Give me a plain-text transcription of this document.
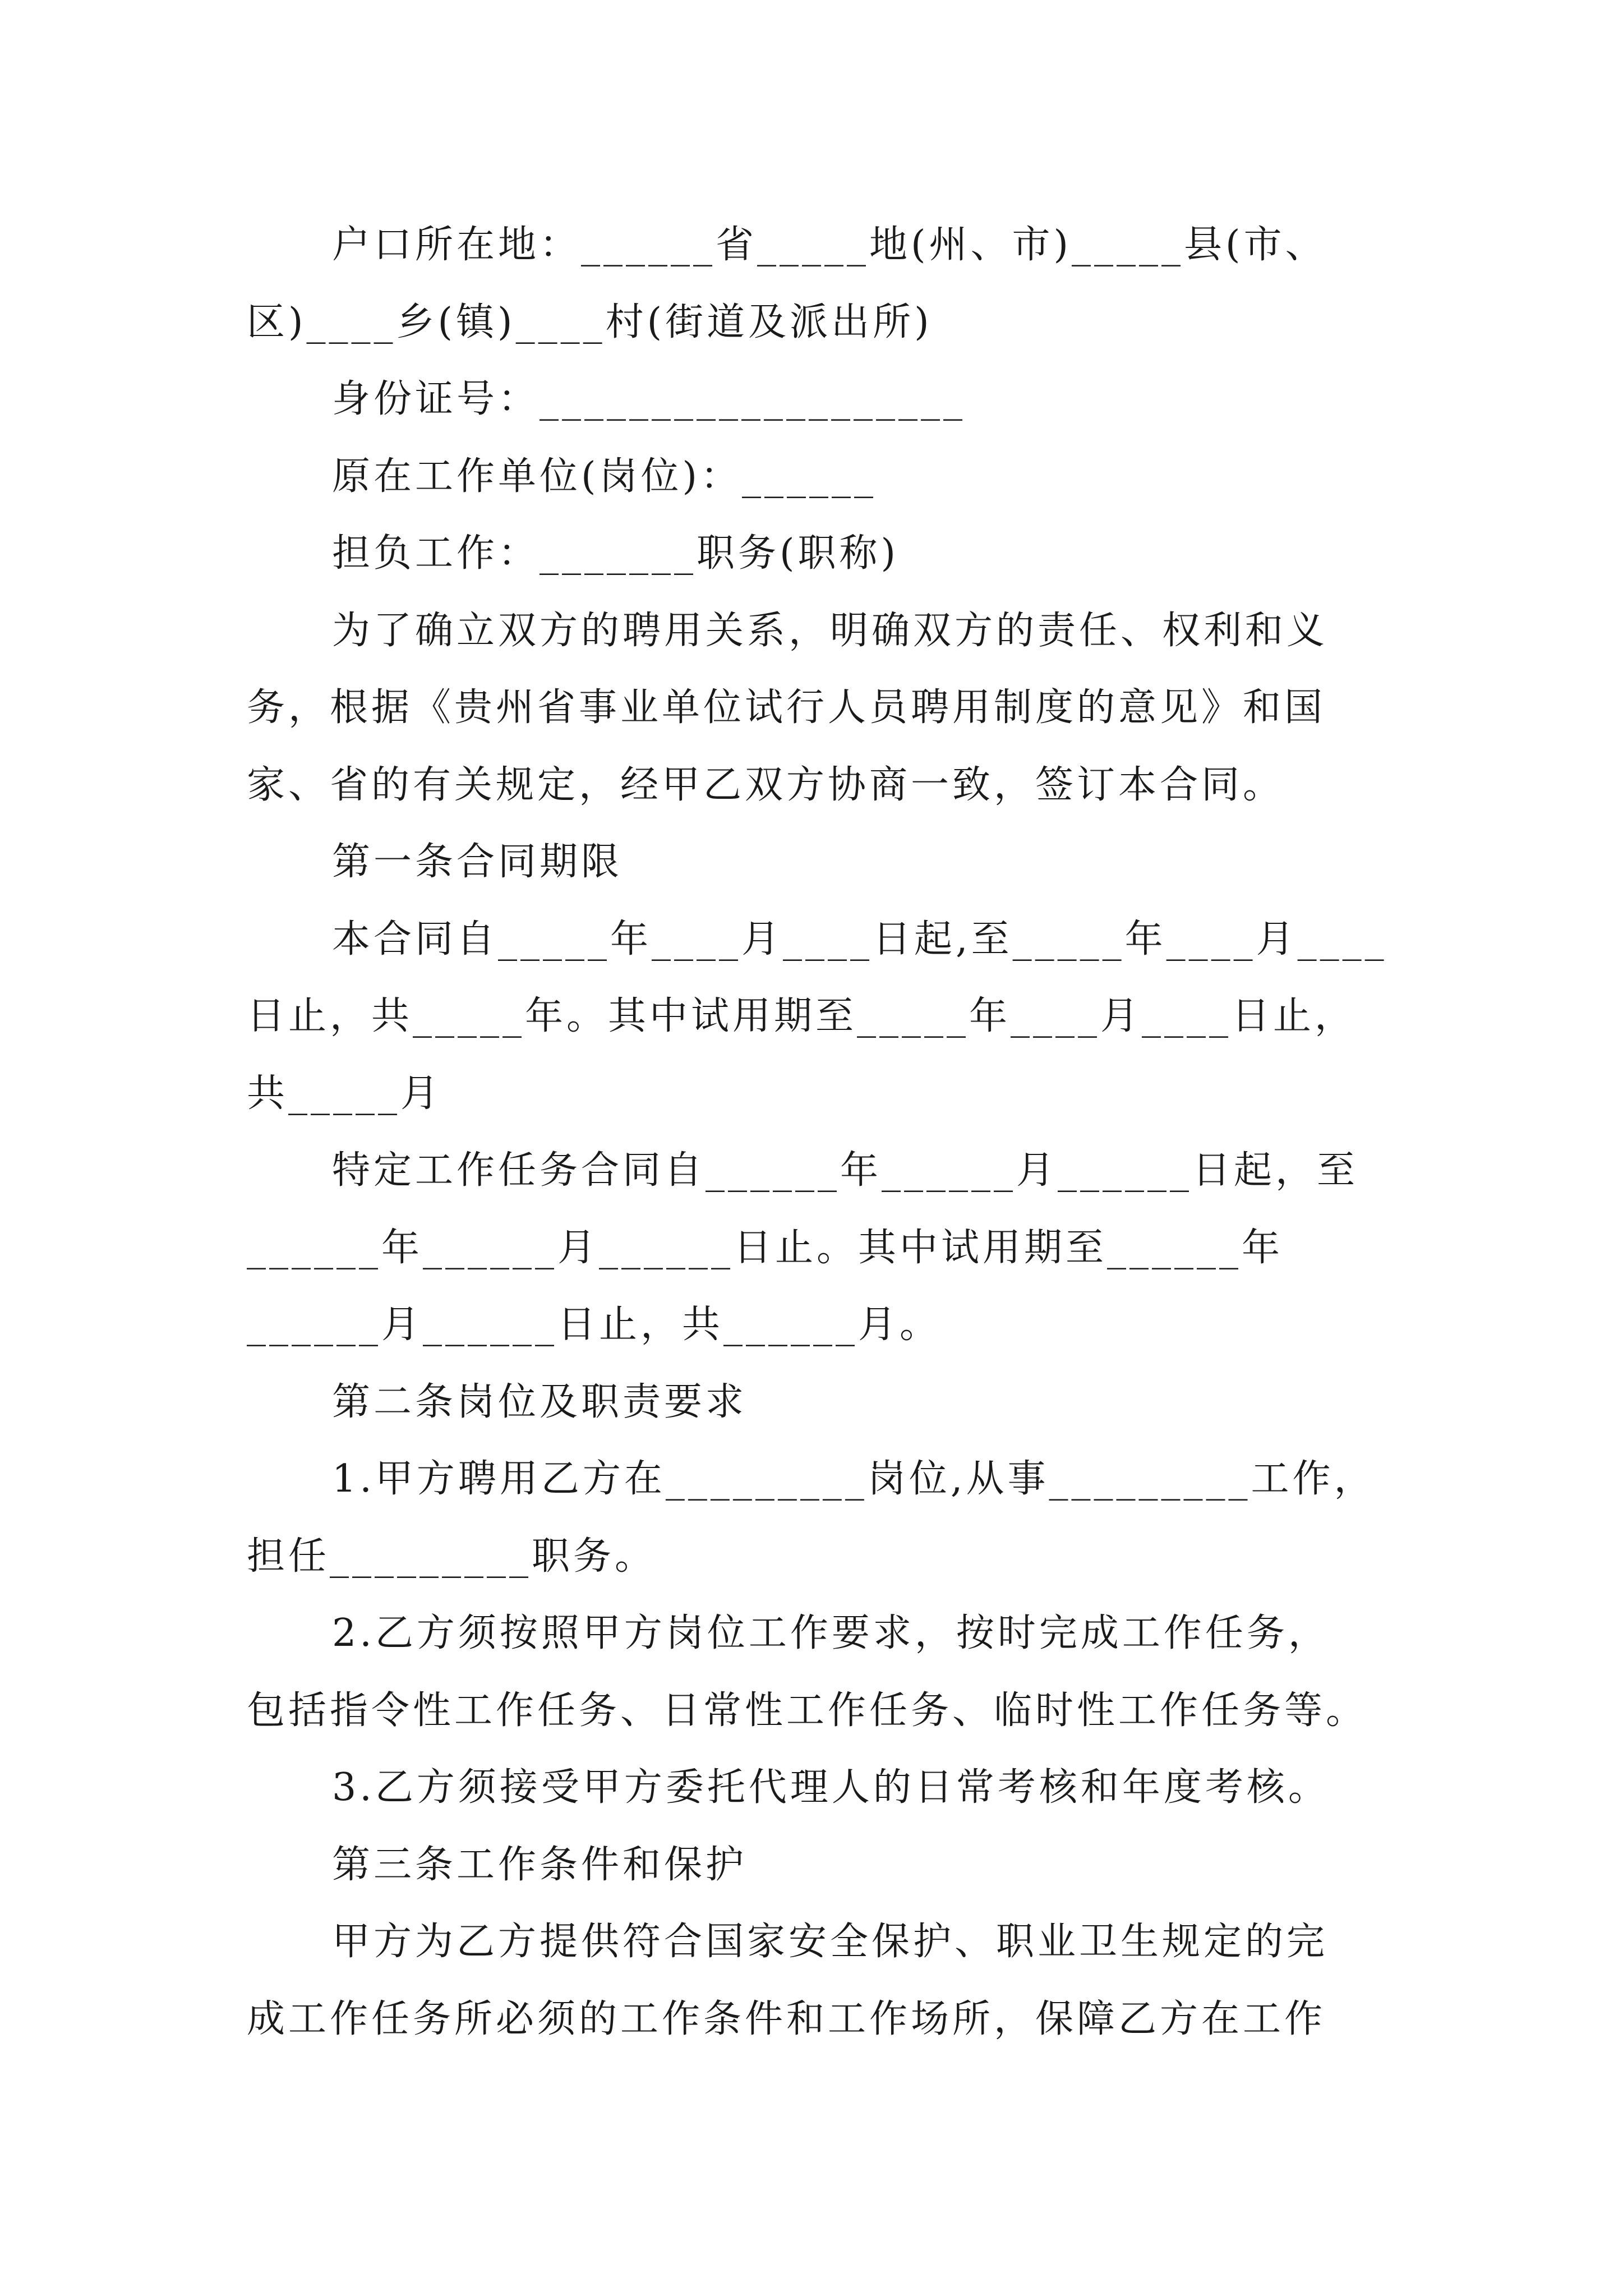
户口所在地：______省_____地(州、市)_____县(市、
区)____乡(镇)____村(街道及派出所)
身份证号：___________________
原在工作单位(岗位)：______
担负工作：_______职务(职称)
为了确立双方的聘用关系，明确双方的责任、权利和义
务，根据《贵州省事业单位试行人员聘用制度的意见》和国
家、省的有关规定，经甲乙双方协商一致，签订本合同。
第一条合同期限
本合同自_____年____月____日起,至_____年____月____
日止，共_____年。其中试用期至_____年____月____日止，
共_____月
特定工作任务合同自______年______月______日起，至
______年______月______日止。其中试用期至______年
______月______日止，共______月。
第二条岗位及职责要求
1.甲方聘用乙方在_________岗位,从事_________工作，
担任_________职务。
2.乙方须按照甲方岗位工作要求，按时完成工作任务，
包括指令性工作任务、日常性工作任务、临时性工作任务等。
3.乙方须接受甲方委托代理人的日常考核和年度考核。
第三条工作条件和保护
甲方为乙方提供符合国家安全保护、职业卫生规定的完
成工作任务所必须的工作条件和工作场所，保障乙方在工作
